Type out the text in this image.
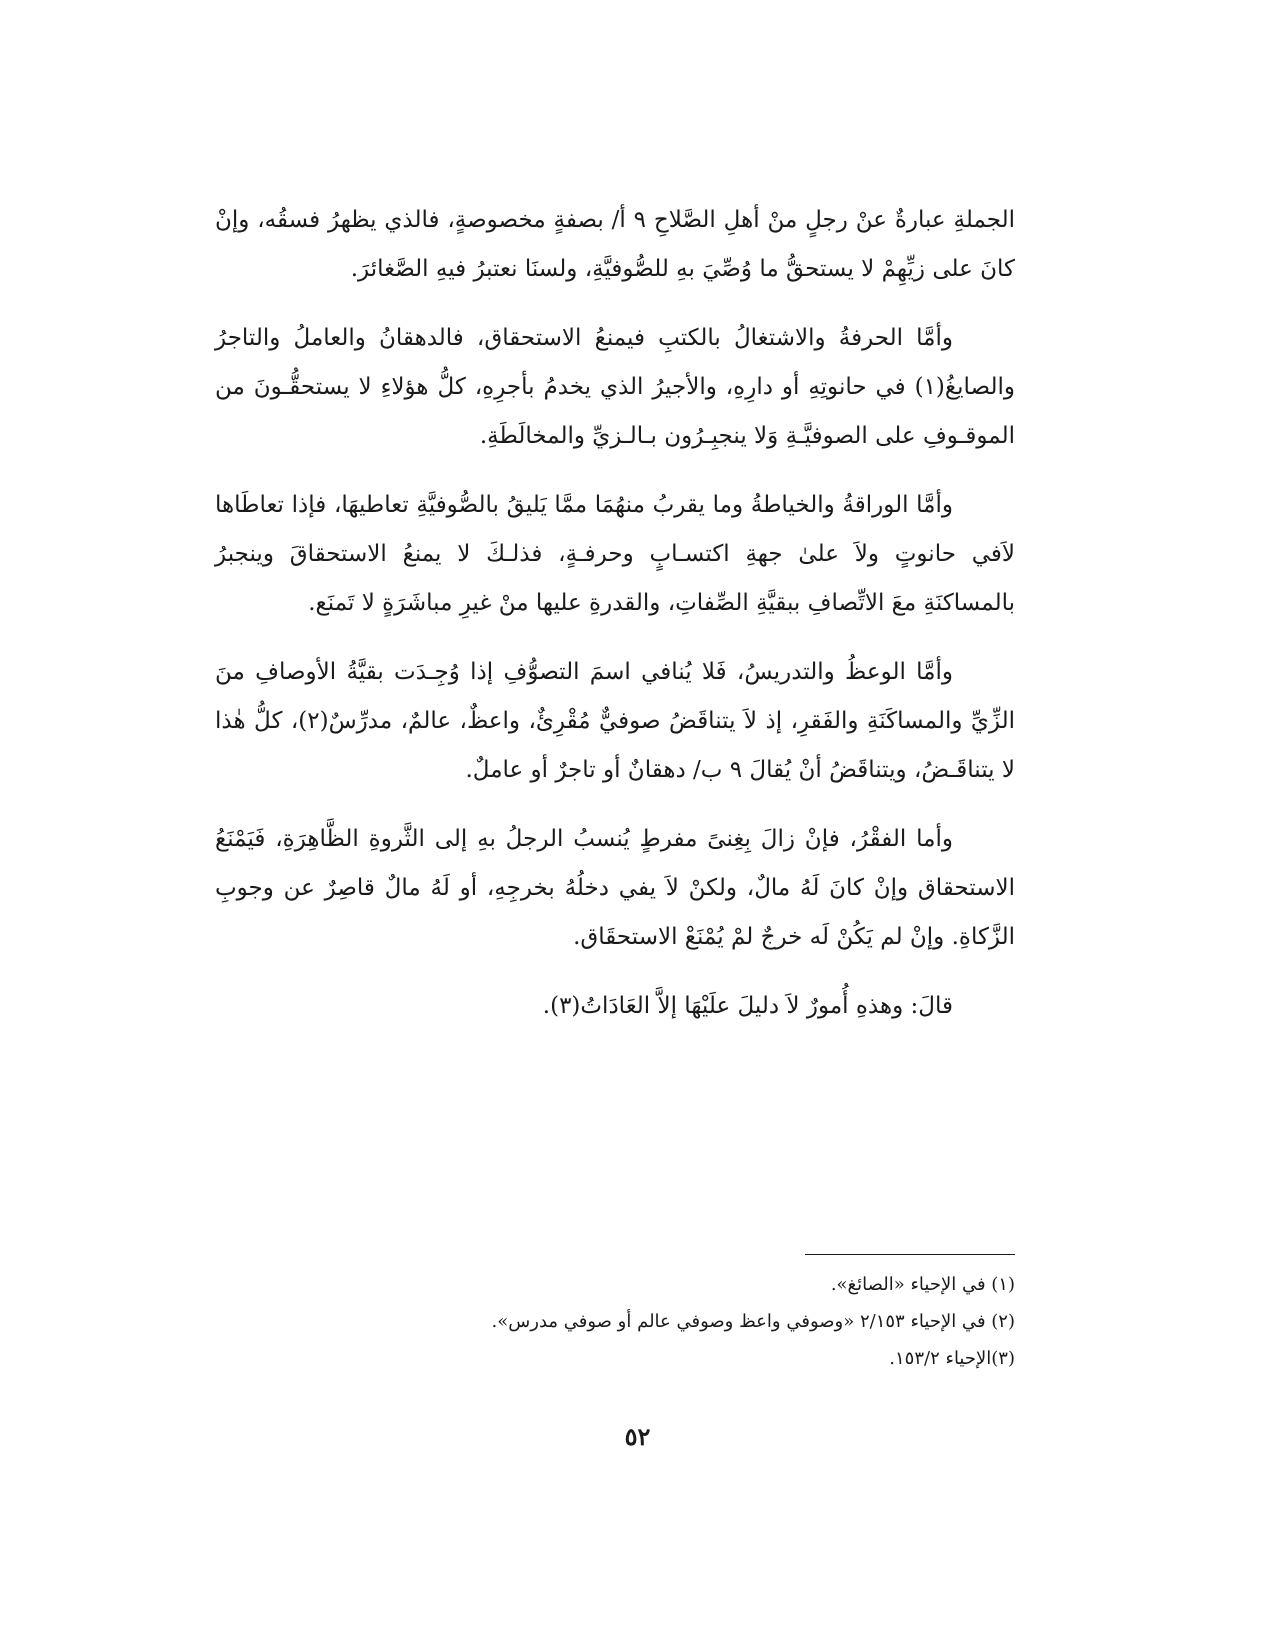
الجملةِ عبارةٌ عنْ رجلٍ منْ أهلِ الصَّلاحِ ٩ أ/ بصفةٍ مخصوصةٍ، فالذي يظهرُ فسقُه، وإنْ كانَ على زيِّهِمْ لا يستحقُّ ما وُصِّيَ بهِ للصُّوفيَّةِ، ولسنَا نعتبرُ فيهِ الصَّغائرَ.

وأمَّا الحرفةُ والاشتغالُ بالكتبِ فيمنعُ الاستحقاق، فالدهقانُ والعاملُ والتاجرُ والصايغُ(١) في حانوتِهِ أو دارِهِ، والأجيرُ الذي يخدمُ بأجرِهِ، كلُّ هؤلاءِ لا يستحقُّـونَ من الموقـوفِ على الصوفيَّـةِ وَلا ينجبِـرُون بـالـزيِّ والمخالَطَةِ.

وأمَّا الوراقةُ والخياطةُ وما يقربُ منهُمَا ممَّا يَليقُ بالصُّوفيَّةِ تعاطيهَا، فإذا تعاطَاها لاَفي حانوتٍ ولاَ علىٰ جهةِ اكتسـابٍ وحرفـةٍ، فذلـكَ لا يمنعُ الاستحقاقَ وينجبرُ بالمساكنَةِ معَ الاتِّصافِ ببقيَّةِ الصِّفاتِ، والقدرةِ عليها منْ غيرِ مباشَرَةٍ لا تَمنَع.

وأمَّا الوعظُ والتدريسُ، فَلا يُنافي اسمَ التصوُّفِ إذا وُجِـدَت بقيَّةُ الأوصافِ منَ الزِّيِّ والمساكَنَةِ والفَقرِ، إذ لاَ يتناقَضُ صوفيٌّ مُقْرِئٌ، واعظٌ، عالمٌ، مدرِّسٌ(٢)، كلُّ هٰذا لا يتناقَـضُ، ويتناقَضُ أنْ يُقالَ ٩ ب/ دهقانٌ أو تاجرٌ أو عاملٌ.

وأما الفقْرُ، فإنْ زالَ بِغِنىً مفرطٍ يُنسبُ الرجلُ بهِ إلى الثَّروةِ الظَّاهِرَةِ، فَيَمْنَعُ الاستحقاق وإنْ كانَ لَهُ مالٌ، ولكنْ لاَ يفي دخلُهُ بخرجِهِ، أو لَهُ مالٌ قاصِرٌ عن وجوبِ الزَّكاةِ. وإنْ لم يَكُنْ لَه خرجٌ لمْ يُمْنَعْ الاستحقَاق.

قالَ: وهذهِ أُمورٌ لاَ دليلَ علَيْهَا إلاَّ العَادَاتُ(٣).

(١) في الإحياء «الصائغ».

(٢) في الإحياء ٢/١٥٣ «وصوفي واعظ وصوفي عالم أو صوفي مدرس».

(٣)الإحياء ١٥٣/٢.

٥٢
